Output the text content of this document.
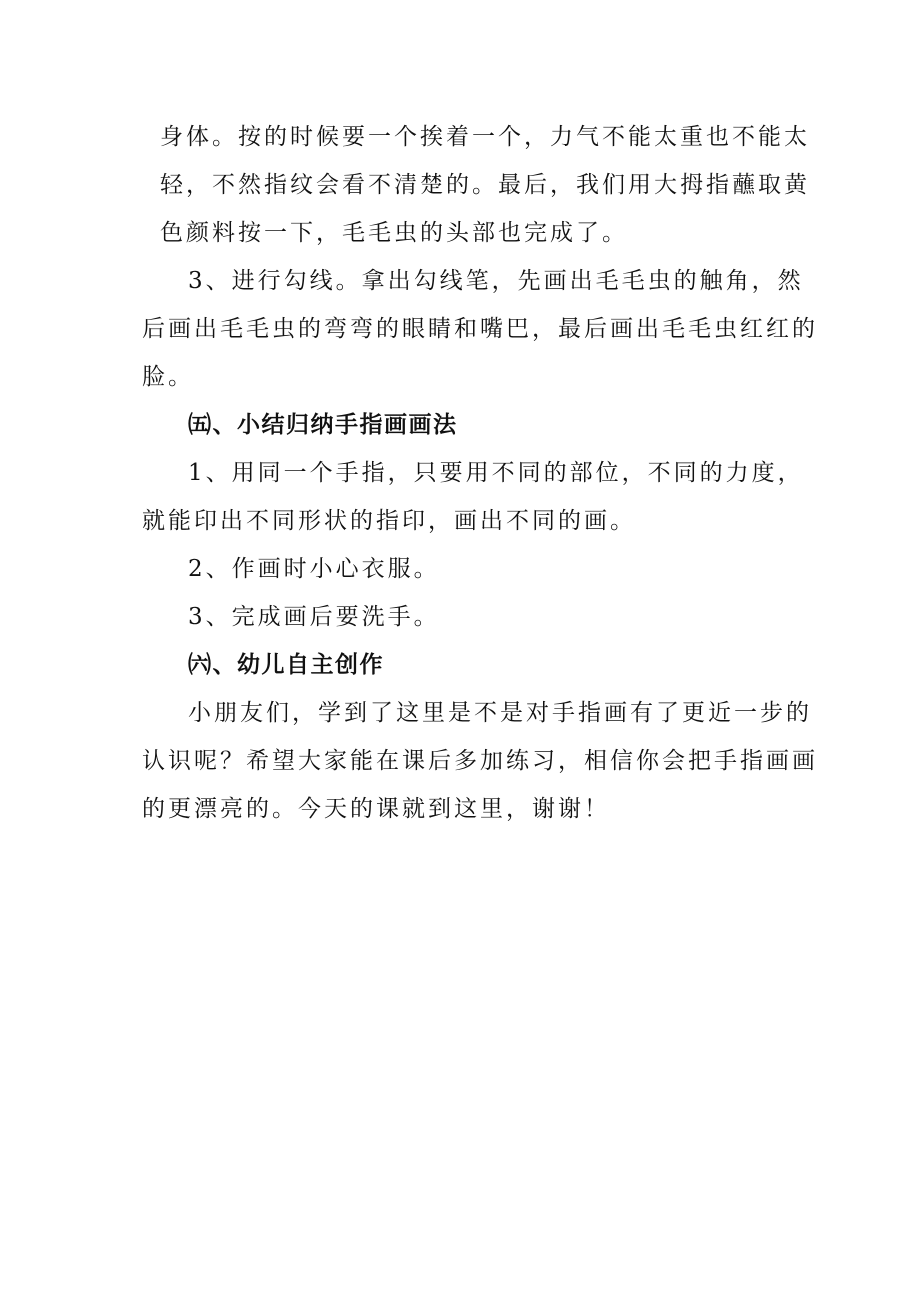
身体。按的时候要一个挨着一个，力气不能太重也不能太
轻，不然指纹会看不清楚的。最后，我们用大拇指蘸取黄
色颜料按一下，毛毛虫的头部也完成了。
3、进行勾线。拿出勾线笔，先画出毛毛虫的触角，然
后画出毛毛虫的弯弯的眼睛和嘴巴，最后画出毛毛虫红红的
脸。
㈤、小结归纳手指画画法
1、用同一个手指，只要用不同的部位，不同的力度，
就能印出不同形状的指印，画出不同的画。
2、作画时小心衣服。
3、完成画后要洗手。
㈥、幼儿自主创作
小朋友们，学到了这里是不是对手指画有了更近一步的
认识呢？希望大家能在课后多加练习，相信你会把手指画画
的更漂亮的。今天的课就到这里，谢谢！
